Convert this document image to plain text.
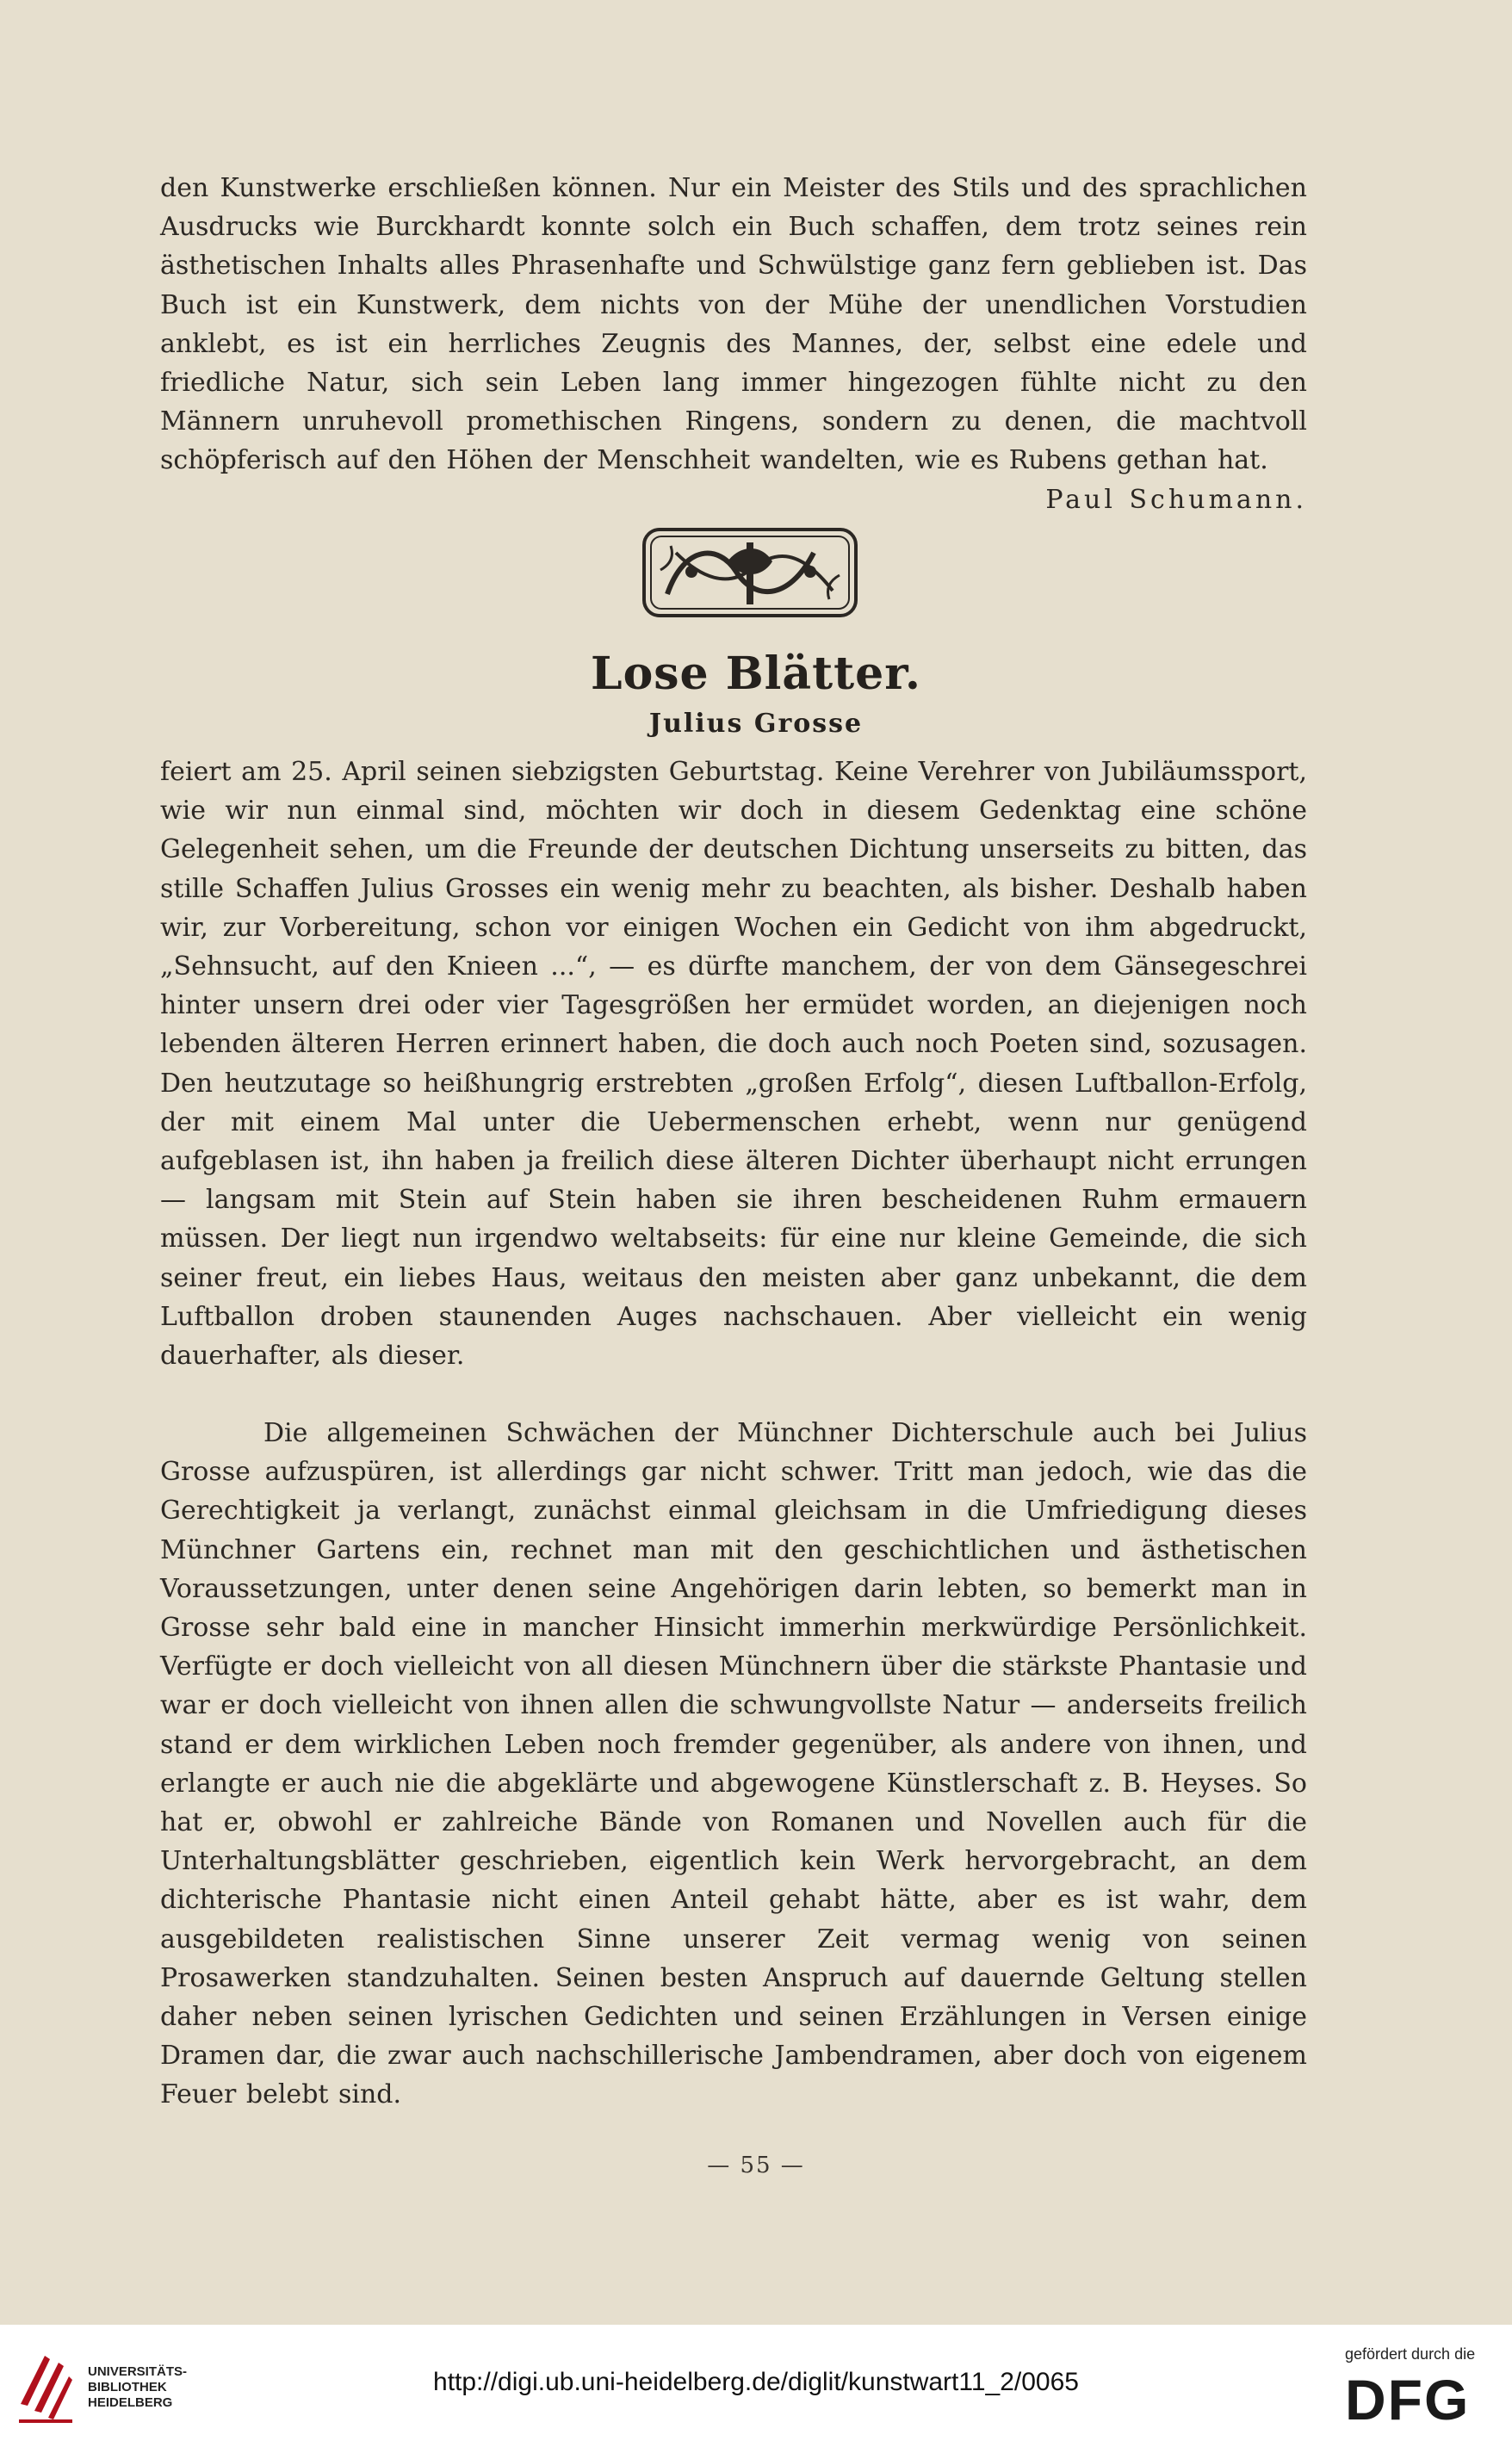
den Kunstwerke erschließen können. Nur ein Meister des Stils und des sprachlichen Ausdrucks wie Burckhardt konnte solch ein Buch schaffen, dem trotz seines rein ästhetischen Inhalts alles Phrasenhafte und Schwülstige ganz fern geblieben ist. Das Buch ist ein Kunstwerk, dem nichts von der Mühe der unendlichen Vorstudien anklebt, es ist ein herrliches Zeugnis des Mannes, der, selbst eine edele und friedliche Natur, sich sein Leben lang immer hingezogen fühlte nicht zu den Männern unruhevoll promethischen Ringens, sondern zu denen, die machtvoll schöpferisch auf den Höhen der Menschheit wandelten, wie es Rubens gethan hat.
Paul Schumann.
Lose Blätter.
Julius Grosse
feiert am 25. April seinen siebzigsten Geburtstag. Keine Verehrer von Jubiläumssport, wie wir nun einmal sind, möchten wir doch in diesem Gedenktag eine schöne Gelegenheit sehen, um die Freunde der deutschen Dichtung unserseits zu bitten, das stille Schaffen Julius Grosses ein wenig mehr zu beachten, als bisher. Deshalb haben wir, zur Vorbereitung, schon vor einigen Wochen ein Gedicht von ihm abgedruckt, „Sehnsucht, auf den Knieen ...“, — es dürfte manchem, der von dem Gänsegeschrei hinter unsern drei oder vier Tagesgrößen her ermüdet worden, an diejenigen noch lebenden älteren Herren erinnert haben, die doch auch noch Poeten sind, sozusagen. Den heutzutage so heißhungrig erstrebten „großen Erfolg“, diesen Luftballon-Erfolg, der mit einem Mal unter die Uebermenschen erhebt, wenn nur genügend aufgeblasen ist, ihn haben ja freilich diese älteren Dichter überhaupt nicht errungen — langsam mit Stein auf Stein haben sie ihren bescheidenen Ruhm ermauern müssen. Der liegt nun irgendwo weltabseits: für eine nur kleine Gemeinde, die sich seiner freut, ein liebes Haus, weitaus den meisten aber ganz unbekannt, die dem Luftballon droben staunenden Auges nachschauen. Aber vielleicht ein wenig dauerhafter, als dieser.
Die allgemeinen Schwächen der Münchner Dichterschule auch bei Julius Grosse aufzuspüren, ist allerdings gar nicht schwer. Tritt man jedoch, wie das die Gerechtigkeit ja verlangt, zunächst einmal gleichsam in die Umfriedigung dieses Münchner Gartens ein, rechnet man mit den geschichtlichen und ästhetischen Voraussetzungen, unter denen seine Angehörigen darin lebten, so bemerkt man in Grosse sehr bald eine in mancher Hinsicht immerhin merkwürdige Persönlichkeit. Verfügte er doch vielleicht von all diesen Münchnern über die stärkste Phantasie und war er doch vielleicht von ihnen allen die schwungvollste Natur — anderseits freilich stand er dem wirklichen Leben noch fremder gegenüber, als andere von ihnen, und erlangte er auch nie die abgeklärte und abgewogene Künstlerschaft z. B. Heyses. So hat er, obwohl er zahlreiche Bände von Romanen und Novellen auch für die Unterhaltungsblätter geschrieben, eigentlich kein Werk hervorgebracht, an dem dichterische Phantasie nicht einen Anteil gehabt hätte, aber es ist wahr, dem ausgebildeten realistischen Sinne unserer Zeit vermag wenig von seinen Prosawerken standzuhalten. Seinen besten Anspruch auf dauernde Geltung stellen daher neben seinen lyrischen Gedichten und seinen Erzählungen in Versen einige Dramen dar, die zwar auch nachschillerische Jambendramen, aber doch von eigenem Feuer belebt sind.
— 55 —
UNIVERSITÄTS-
BIBLIOTHEK
HEIDELBERG
http://digi.ub.uni-heidelberg.de/diglit/kunstwart11_2/0065
gefördert durch die
DFG
